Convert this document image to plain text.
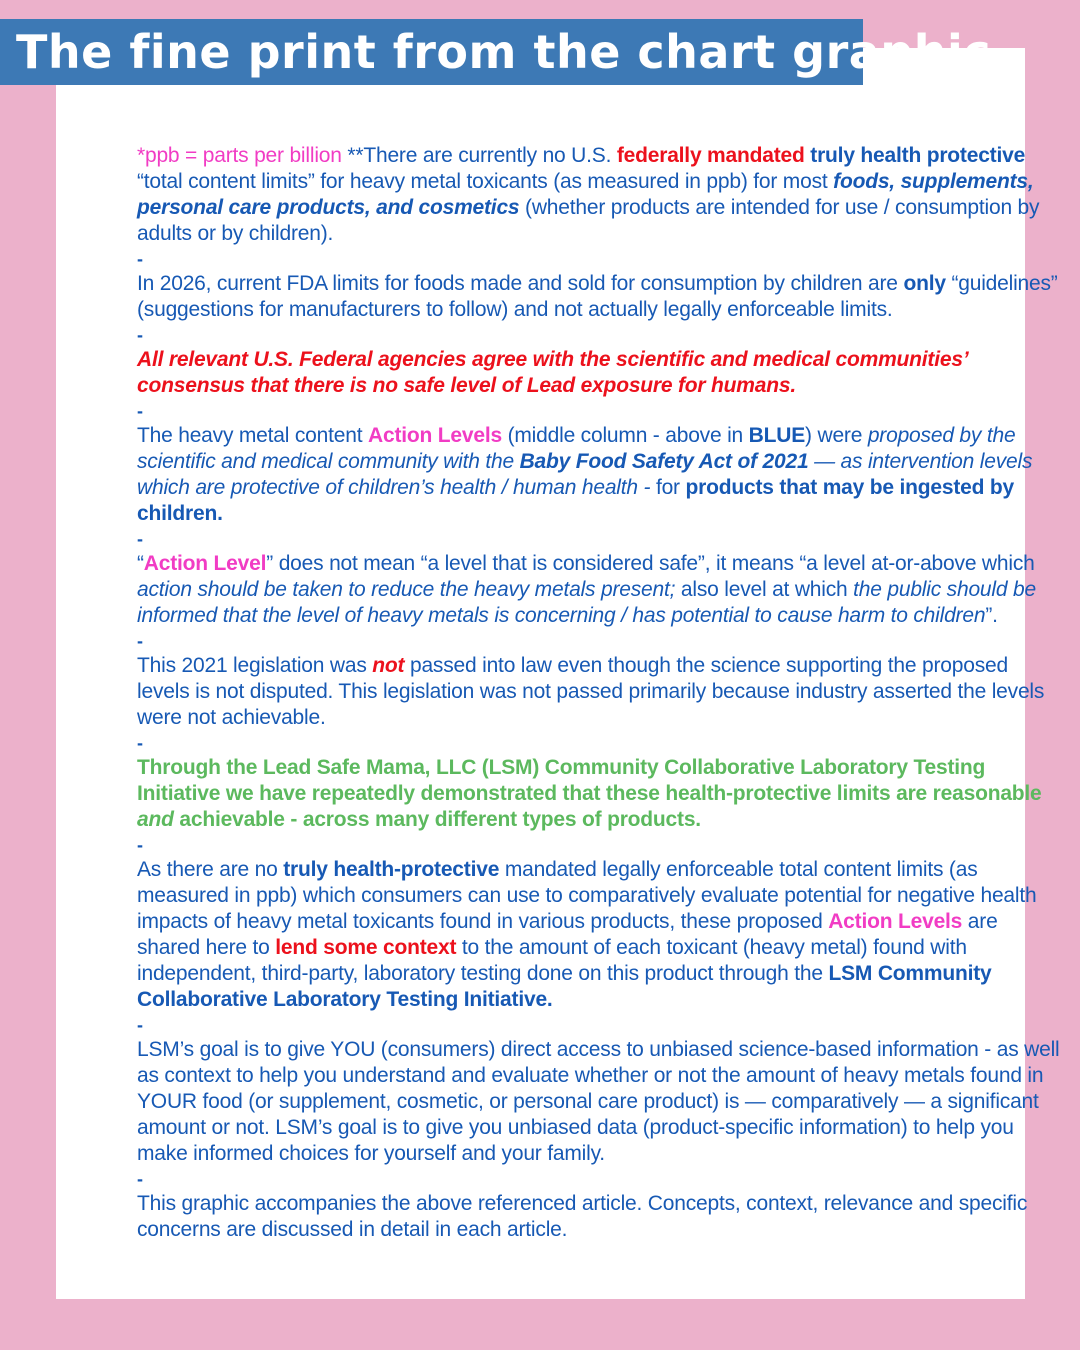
*ppb = parts per billion **There are currently no U.S. federally mandated truly health protective “total content limits” for heavy metal toxicants (as measured in ppb) for most foods, supplements, personal care products, and cosmetics (whether products are intended for use / consumption by adults or by children).

-

In 2026, current FDA limits for foods made and sold for consumption by children are only “guidelines” (suggestions for manufacturers to follow) and not actually legally enforceable limits.

-

All relevant U.S. Federal agencies agree with the scientific and medical communities’ consensus that there is no safe level of Lead exposure for humans.

-

The heavy metal content Action Levels (middle column - above in BLUE) were proposed by the scientific and medical community with the Baby Food Safety Act of 2021 — as intervention levels which are protective of children’s health / human health - for products that may be ingested by children.

-

“Action Level” does not mean “a level that is considered safe”, it means “a level at-or-above which action should be taken to reduce the heavy metals present; also level at which the public should be informed that the level of heavy metals is concerning / has potential to cause harm to children”.

-

This 2021 legislation was not passed into law even though the science supporting the proposed levels is not disputed. This legislation was not passed primarily because industry asserted the levels were not achievable.

-

Through the Lead Safe Mama, LLC (LSM) Community Collaborative Laboratory Testing Initiative we have repeatedly demonstrated that these health-protective limits are reasonable and achievable - across many different types of products.

-

As there are no truly health-protective mandated legally enforceable total content limits (as measured in ppb) which consumers can use to comparatively evaluate potential for negative health impacts of heavy metal toxicants found in various products, these proposed Action Levels are shared here to lend some context to the amount of each toxicant (heavy metal) found with independent, third-party, laboratory testing done on this product through the LSM Community Collaborative Laboratory Testing Initiative.

-

LSM’s goal is to give YOU (consumers) direct access to unbiased science-based information - as well as context to help you understand and evaluate whether or not the amount of heavy metals found in YOUR food (or supplement, cosmetic, or personal care product) is — comparatively — a significant amount or not. LSM’s goal is to give you unbiased data (product-specific information) to help you make informed choices for yourself and your family.

-

This graphic accompanies the above referenced article. Concepts, context, relevance and specific concerns are discussed in detail in each article.

The fine print from the chart graphic
